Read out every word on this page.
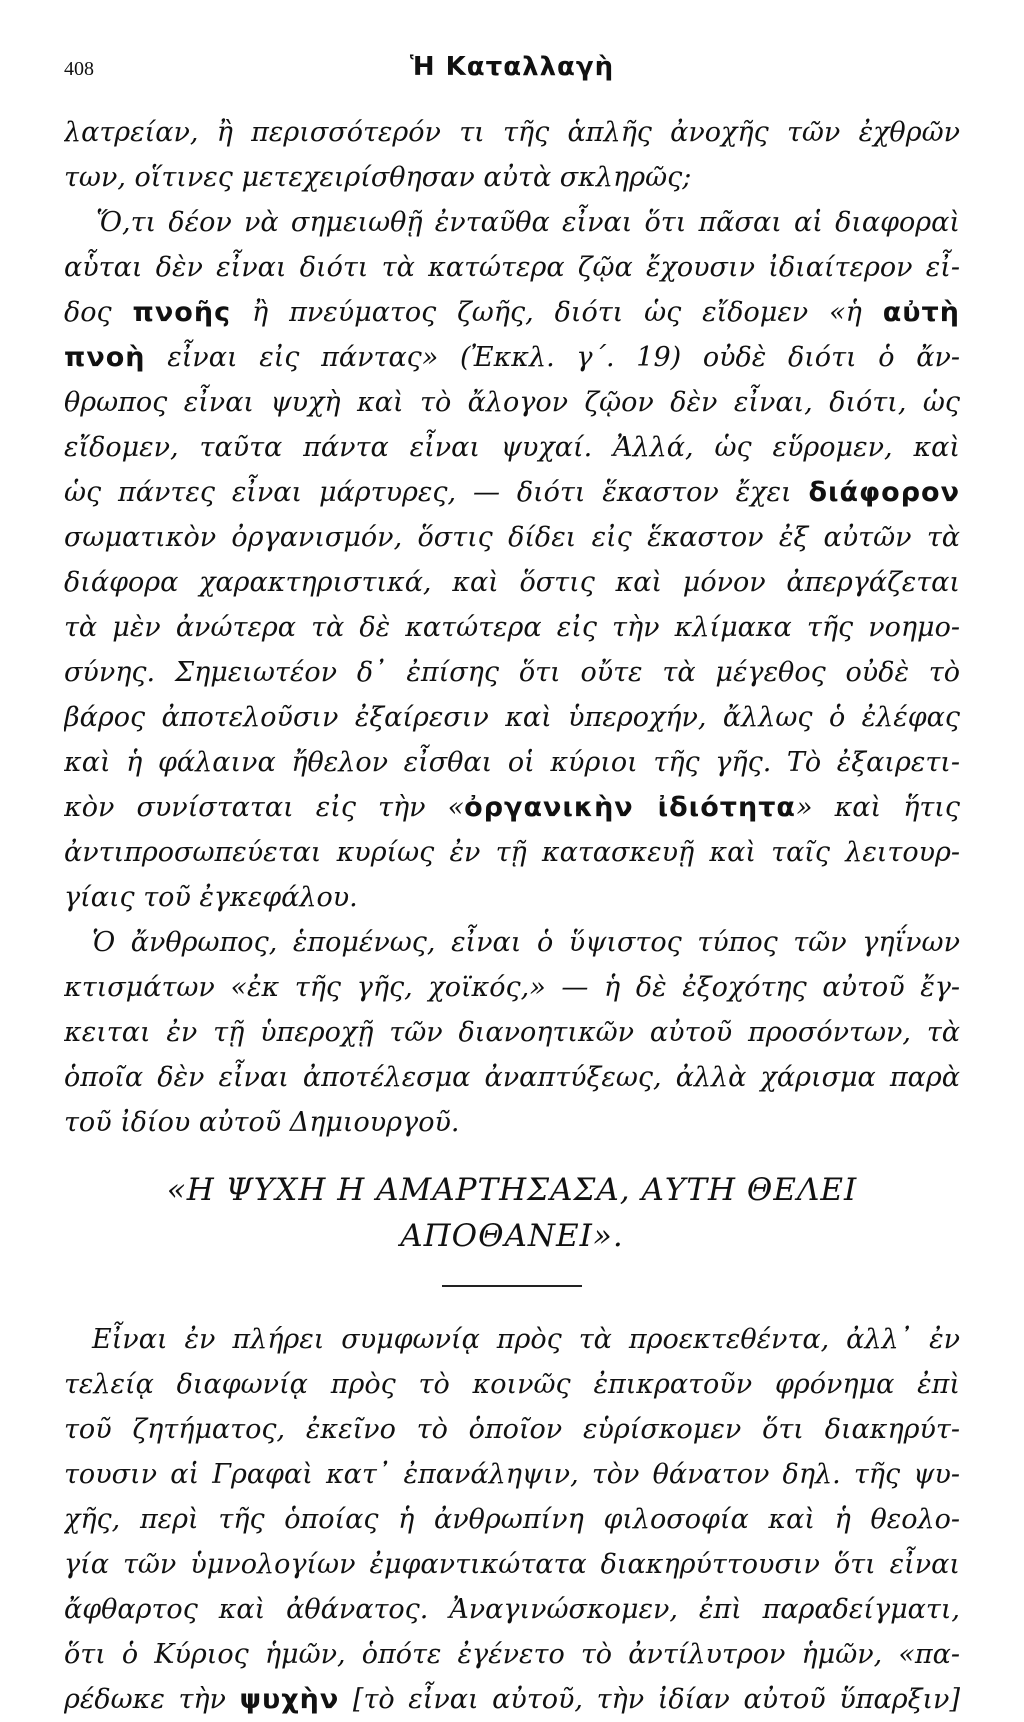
408	Ἡ Καταλλαγὴ
λατρείαν, ἢ περισσότερόν τι τῆς ἁπλῆς ἀνοχῆς τῶν ἐχθρῶν
των, οἵτινες μετεχειρίσθησαν αὐτὰ σκληρῶς;
Ὅ,τι δέον νὰ σημειωθῇ ἐνταῦθα εἶναι ὅτι πᾶσαι αἱ διαφοραὶ
αὗται δὲν εἶναι διότι τὰ κατώτερα ζῷα ἔχουσιν ἰδιαίτερον εἶ-
δος πνοῆς ἢ πνεύματος ζωῆς, διότι ὡς εἴδομεν «ἡ αὐτὴ
πνοὴ εἶναι εἰς πάντας» (Ἐκκλ. γ΄. 19) οὐδὲ διότι ὁ ἄν-
θρωπος εἶναι ψυχὴ καὶ τὸ ἄλογον ζῷον δὲν εἶναι, διότι, ὡς
εἴδομεν, ταῦτα πάντα εἶναι ψυχαί. Ἀλλά, ὡς εὕρομεν, καὶ
ὡς πάντες εἶναι μάρτυρες, — διότι ἕκαστον ἔχει διάφορον
σωματικὸν ὀργανισμόν, ὅστις δίδει εἰς ἕκαστον ἐξ αὐτῶν τὰ
διάφορα χαρακτηριστικά, καὶ ὅστις καὶ μόνον ἀπεργάζεται
τὰ μὲν ἀνώτερα τὰ δὲ κατώτερα εἰς τὴν κλίμακα τῆς νοημο-
σύνης. Σημειωτέον δ᾽ ἐπίσης ὅτι οὔτε τὰ μέγεθος οὐδὲ τὸ
βάρος ἀποτελοῦσιν ἐξαίρεσιν καὶ ὑπεροχήν, ἄλλως ὁ ἐλέφας
καὶ ἡ φάλαινα ἤθελον εἶσθαι οἱ κύριοι τῆς γῆς. Τὸ ἐξαιρετι-
κὸν συνίσταται εἰς τὴν «ὀργανικὴν ἰδιότητα» καὶ ἥτις
ἀντιπροσωπεύεται κυρίως ἐν τῇ κατασκευῇ καὶ ταῖς λειτουρ-
γίαις τοῦ ἐγκεφάλου.
Ὁ ἄνθρωπος, ἑπομένως, εἶναι ὁ ὕψιστος τύπος τῶν γηΐνων
κτισμάτων «ἐκ τῆς γῆς, χοϊκός,» — ἡ δὲ ἐξοχότης αὐτοῦ ἔγ-
κειται ἐν τῇ ὑπεροχῇ τῶν διανοητικῶν αὐτοῦ προσόντων, τὰ
ὁποῖα δὲν εἶναι ἀποτέλεσμα ἀναπτύξεως, ἀλλὰ χάρισμα παρὰ
τοῦ ἰδίου αὐτοῦ Δημιουργοῦ.
«Η ΨΥΧΗ Η ΑΜΑΡΤΗΣΑΣΑ, ΑΥΤΗ ΘΕΛΕΙ
ΑΠΟΘΑΝΕΙ».
Εἶναι ἐν πλήρει συμφωνίᾳ πρὸς τὰ προεκτεθέντα, ἀλλ᾽ ἐν
τελείᾳ διαφωνίᾳ πρὸς τὸ κοινῶς ἐπικρατοῦν φρόνημα ἐπὶ
τοῦ ζητήματος, ἐκεῖνο τὸ ὁποῖον εὑρίσκομεν ὅτι διακηρύτ-
τουσιν αἱ Γραφαὶ κατ᾽ ἐπανάληψιν, τὸν θάνατον δηλ. τῆς ψυ-
χῆς, περὶ τῆς ὁποίας ἡ ἀνθρωπίνη φιλοσοφία καὶ ἡ θεολο-
γία τῶν ὑμνολογίων ἐμφαντικώτατα διακηρύττουσιν ὅτι εἶναι
ἄφθαρτος καὶ ἀθάνατος. Ἀναγινώσκομεν, ἐπὶ παραδείγματι,
ὅτι ὁ Κύριος ἡμῶν, ὁπότε ἐγένετο τὸ ἀντίλυτρον ἡμῶν, «πα-
ρέδωκε τὴν ψυχὴν [τὸ εἶναι αὐτοῦ, τὴν ἰδίαν αὐτοῦ ὕπαρξιν]
